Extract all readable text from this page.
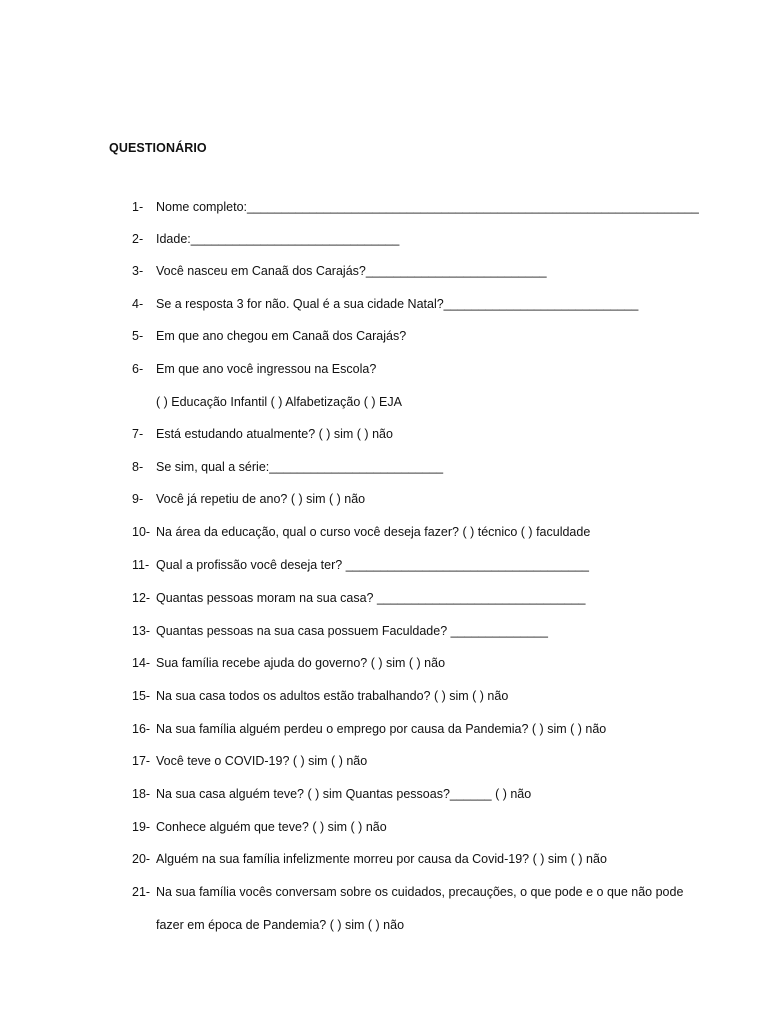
QUESTIONÁRIO
1- Nome completo:_________________________________________________________________
2- Idade:______________________________
3- Você nasceu em Canaã dos Carajás?__________________________
4- Se a resposta 3 for não. Qual é a sua cidade Natal?____________________________
5- Em que ano chegou em Canaã dos Carajás?
6- Em que ano você ingressou na Escola?
( ) Educação Infantil ( ) Alfabetização ( ) EJA
7- Está estudando atualmente? ( ) sim ( ) não
8- Se sim, qual a série:_________________________
9- Você já repetiu de ano? ( ) sim ( ) não
10- Na área da educação, qual o curso você deseja fazer? ( ) técnico ( ) faculdade
11- Qual a profissão você deseja ter? ___________________________________
12- Quantas pessoas moram na sua casa? ______________________________
13- Quantas pessoas na sua casa possuem Faculdade? ______________
14- Sua família recebe ajuda do governo? ( ) sim ( ) não
15- Na sua casa todos os adultos estão trabalhando? ( ) sim ( ) não
16- Na sua família alguém perdeu o emprego por causa da Pandemia? ( ) sim ( ) não
17- Você teve o COVID-19? ( ) sim ( ) não
18- Na sua casa alguém teve? ( ) sim Quantas pessoas?______ ( ) não
19- Conhece alguém que teve? ( ) sim ( ) não
20- Alguém na sua família infelizmente morreu por causa da Covid-19? ( ) sim ( ) não
21- Na sua família vocês conversam sobre os cuidados, precauções, o que pode e o que não pode
fazer em época de Pandemia? ( ) sim ( ) não
